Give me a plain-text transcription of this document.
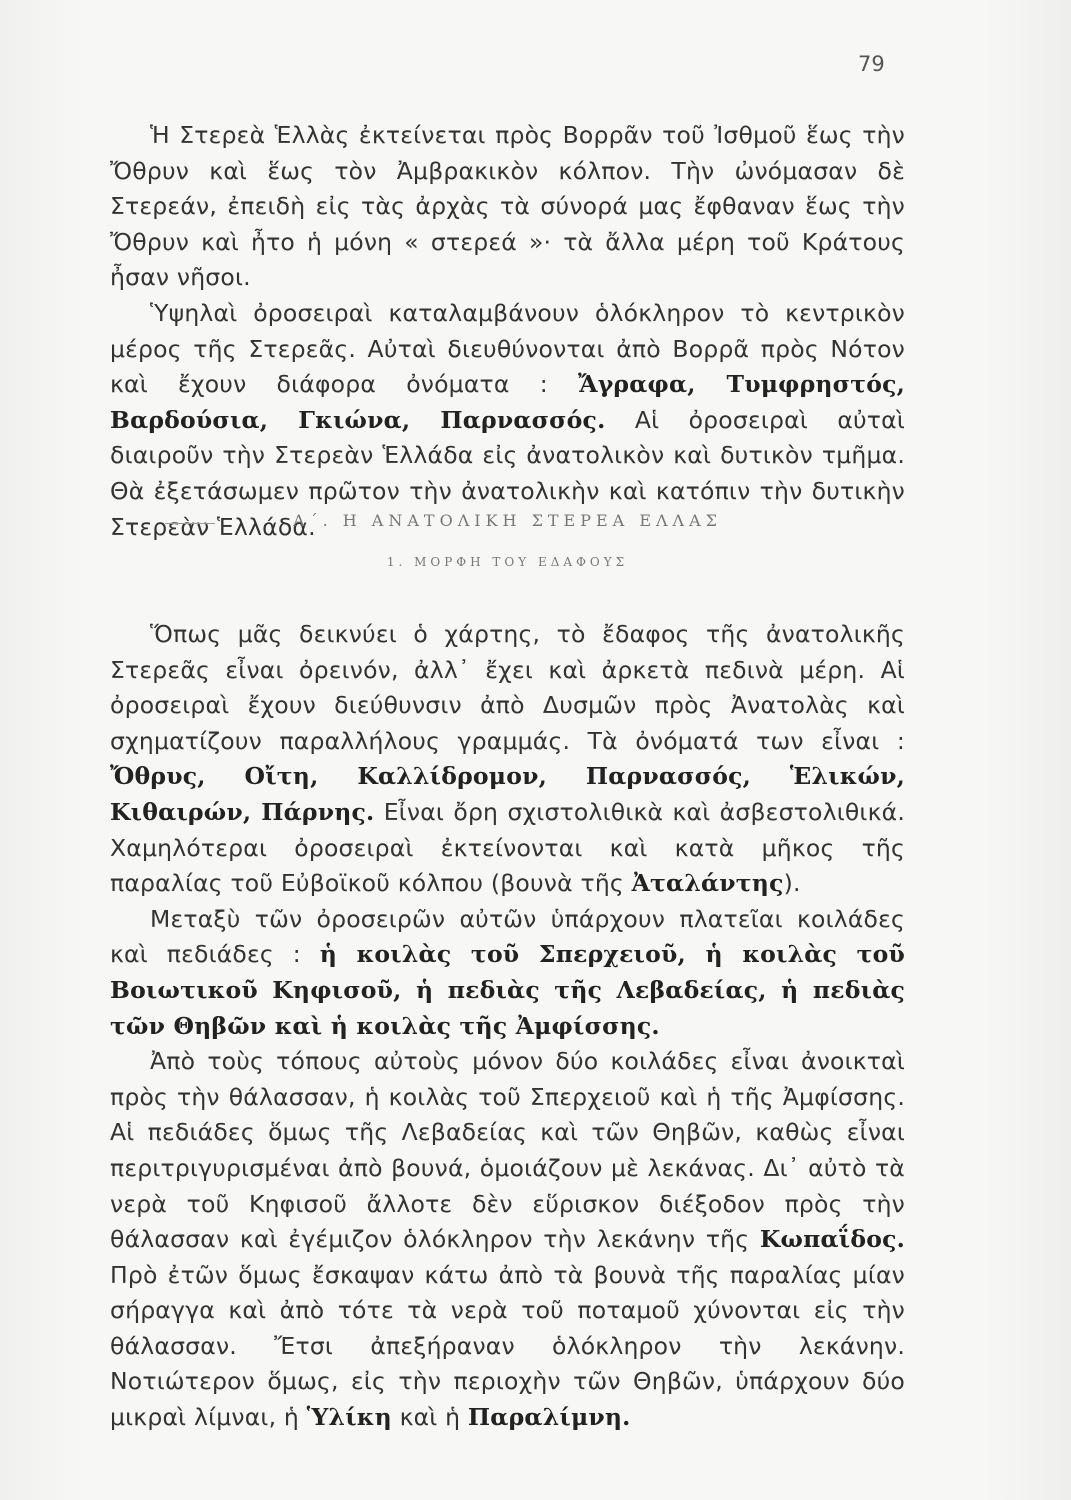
79

Ἡ Στερεὰ Ἑλλὰς ἐκτείνεται πρὸς Βορρᾶν τοῦ Ἰσθμοῦ ἕως τὴν Ὄθρυν καὶ ἕως τὸν Ἀμβρακικὸν κόλπον. Τὴν ὠνόμασαν δὲ Στερεάν, ἐπειδὴ εἰς τὰς ἀρχὰς τὰ σύνορά μας ἔφθαναν ἕως τὴν Ὄθρυν καὶ ἦτο ἡ μόνη « στερεά »· τὰ ἄλλα μέρη τοῦ Κράτους ἦσαν νῆσοι.

Ὑψηλαὶ ὀροσειραὶ καταλαμβάνουν ὁλόκληρον τὸ κεντρικὸν μέρος τῆς Στερεᾶς. Αὐταὶ διευθύνονται ἀπὸ Βορρᾶ πρὸς Νότον καὶ ἔχουν διάφορα ὀνόματα : Ἄγραφα, Τυμφρηστός, Βαρδούσια, Γκιώνα, Παρνασσός. Αἱ ὀροσειραὶ αὐταὶ διαιροῦν τὴν Στερεὰν Ἑλλάδα εἰς ἀνατολικὸν καὶ δυτικὸν τμῆμα. Θὰ ἐξετάσωμεν πρῶτον τὴν ἀνατολικὴν καὶ κατόπιν τὴν δυτικὴν Στερεὰν Ἑλλάδα.

Α΄. Η ΑΝΑΤΟΛΙΚΗ ΣΤΕΡΕΑ ΕΛΛΑΣ
1. ΜΟΡΦΗ ΤΟΥ ΕΔΑΦΟΥΣ

Ὅπως μᾶς δεικνύει ὁ χάρτης, τὸ ἔδαφος τῆς ἀνατολικῆς Στερεᾶς εἶναι ὀρεινόν, ἀλλ᾽ ἔχει καὶ ἀρκετὰ πεδινὰ μέρη. Αἱ ὀροσειραὶ ἔχουν διεύθυνσιν ἀπὸ Δυσμῶν πρὸς Ἀνατολὰς καὶ σχηματίζουν παραλλήλους γραμμάς. Τὰ ὀνόματά των εἶναι : Ὄθρυς, Οἴτη, Καλλίδρομον, Παρνασσός, Ἑλικών, Κιθαιρών, Πάρνης. Εἶναι ὄρη σχιστολιθικὰ καὶ ἀσβεστολιθικά. Χαμηλότεραι ὀροσειραὶ ἐκτείνονται καὶ κατὰ μῆκος τῆς παραλίας τοῦ Εὐβοϊκοῦ κόλπου (βουνὰ τῆς Ἀταλάντης).

Μεταξὺ τῶν ὀροσειρῶν αὐτῶν ὑπάρχουν πλατεῖαι κοιλάδες καὶ πεδιάδες : ἡ κοιλὰς τοῦ Σπερχειοῦ, ἡ κοιλὰς τοῦ Βοιωτικοῦ Κηφισοῦ, ἡ πεδιὰς τῆς Λεβαδείας, ἡ πεδιὰς τῶν Θηβῶν καὶ ἡ κοιλὰς τῆς Ἀμφίσσης.

Ἀπὸ τοὺς τόπους αὐτοὺς μόνον δύο κοιλάδες εἶναι ἀνοικταὶ πρὸς τὴν θάλασσαν, ἡ κοιλὰς τοῦ Σπερχειοῦ καὶ ἡ τῆς Ἀμφίσσης. Αἱ πεδιάδες ὅμως τῆς Λεβαδείας καὶ τῶν Θηβῶν, καθὼς εἶναι περιτριγυρισμέναι ἀπὸ βουνά, ὁμοιάζουν μὲ λεκάνας. Δι᾽ αὐτὸ τὰ νερὰ τοῦ Κηφισοῦ ἄλλοτε δὲν εὕρισκον διέξοδον πρὸς τὴν θάλασσαν καὶ ἐγέμιζον ὁλόκληρον τὴν λεκάνην τῆς Κωπαΐδος. Πρὸ ἐτῶν ὅμως ἔσκαψαν κάτω ἀπὸ τὰ βουνὰ τῆς παραλίας μίαν σήραγγα καὶ ἀπὸ τότε τὰ νερὰ τοῦ ποταμοῦ χύνονται εἰς τὴν θάλασσαν. Ἔτσι ἀπεξήραναν ὁλόκληρον τὴν λεκάνην. Νοτιώτερον ὅμως, εἰς τὴν περιοχὴν τῶν Θηβῶν, ὑπάρχουν δύο μικραὶ λίμναι, ἡ Ὑλίκη καὶ ἡ Παραλίμνη.
